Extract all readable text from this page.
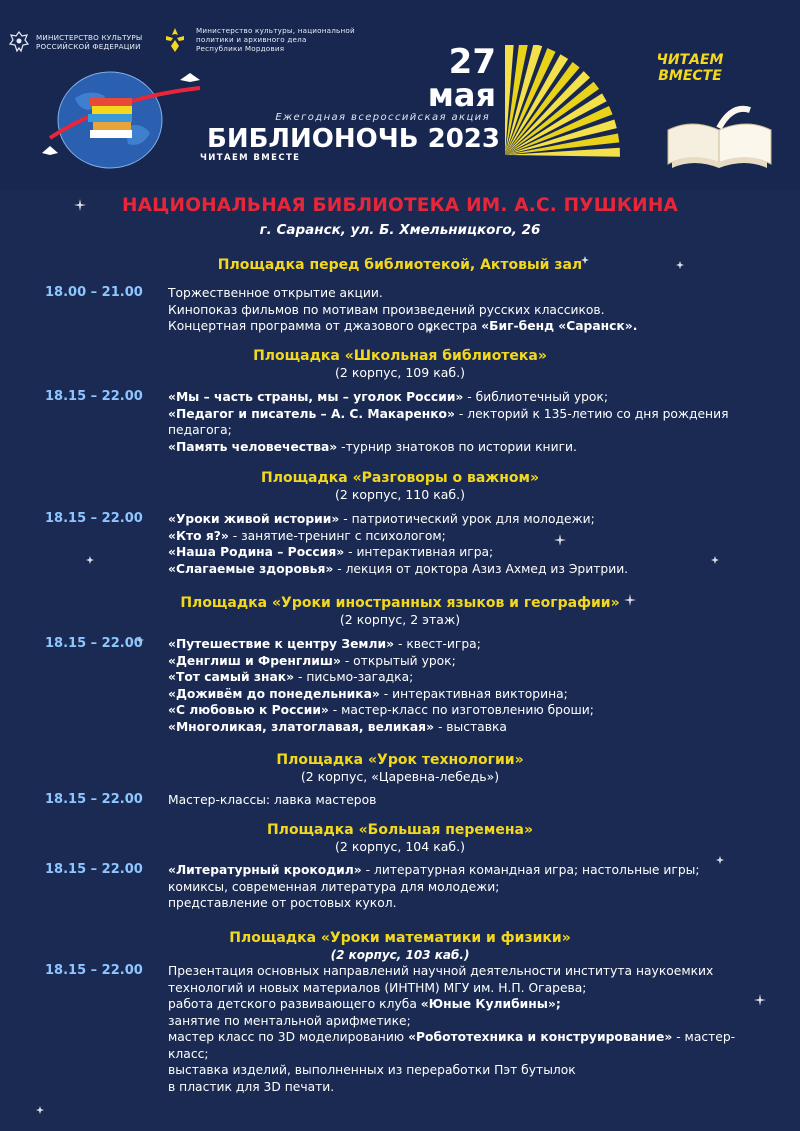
МИНИСТЕРСТВО КУЛЬТУРЫ
РОССИЙСКОЙ ФЕДЕРАЦИИ
Министерство культуры, национальной
политики и архивного дела
Республики Мордовия	27
мая
Ежегодная всероссийская акция
БИБЛИОНОЧЬ 2023
ЧИТАЕМ ВМЕСТЕ
ЧИТАЕМ
ВМЕСТЕ
НАЦИОНАЛЬНАЯ БИБЛИОТЕКА ИМ. А.С. ПУШКИНА
г. Саранск, ул. Б. Хмельницкого, 26
Площадка перед библиотекой, Актовый зал
18.00 – 21.00 Торжественное открытие акции.
Кинопоказ фильмов по мотивам произведений русских классиков.
Концертная программа от джазового оркестра «Биг-бенд «Саранск».
Площадка «Школьная библиотека»
(2 корпус, 109 каб.)
18.15 – 22.00 «Мы – часть страны, мы – уголок России» - библиотечный урок;
«Педагог и писатель – А. С. Макаренко» - лекторий к 135-летию со дня рождения
педагога;
«Память человечества» -турнир знатоков по истории книги.
Площадка «Разговоры о важном»
(2 корпус, 110 каб.)
18.15 – 22.00 «Уроки живой истории» - патриотический урок для молодежи;
«Кто я?» - занятие-тренинг с психологом;
«Наша Родина – Россия» - интерактивная игра;
«Слагаемые здоровья» - лекция от доктора Азиз Ахмед из Эритрии.
Площадка «Уроки иностранных языков и географии»
(2 корпус, 2 этаж)
18.15 – 22.00 «Путешествие к центру Земли» - квест-игра;
«Денглиш и Френглиш» - открытый урок;
«Тот самый знак» - письмо-загадка;
«Доживём до понедельника» - интерактивная викторина;
«С любовью к России» - мастер-класс по изготовлению броши;
«Многоликая, златоглавая, великая» - выставка
Площадка «Урок технологии»
(2 корпус, «Царевна-лебедь»)
18.15 – 22.00 Мастер-классы: лавка мастеров
Площадка «Большая перемена»
(2 корпус, 104 каб.)
18.15 – 22.00 «Литературный крокодил» - литературная командная игра; настольные игры;
комиксы, современная литература для молодежи;
представление от ростовых кукол.
Площадка «Уроки математики и физики»
(2 корпус, 103 каб.)
18.15 – 22.00 Презентация основных направлений научной деятельности института наукоемких
технологий и новых материалов (ИНТНМ) МГУ им. Н.П. Огарева;
работа детского развивающего клуба «Юные Кулибины»;
занятие по ментальной арифметике;
мастер класс по 3D моделированию «Робототехника и конструирование» - мастер-
класс;
выставка изделий, выполненных из переработки Пэт бутылок
в пластик для 3D печати.
